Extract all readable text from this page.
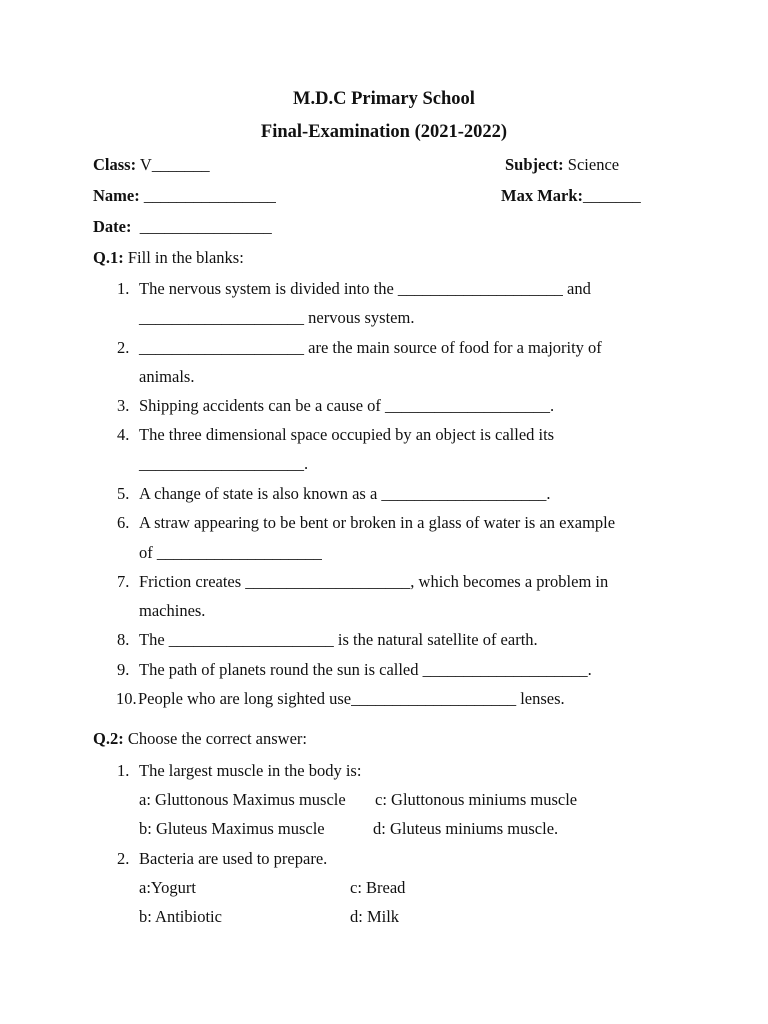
M.D.C Primary School
Final-Examination (2021-2022)
Class: V_______	Subject: Science
Name: ________________	Max Mark:_______
Date: ________________
Q.1: Fill in the blanks:
1. The nervous system is divided into the ____________________ and
____________________ nervous system.
2. ____________________ are the main source of food for a majority of
animals.
3. Shipping accidents can be a cause of ____________________.
4. The three dimensional space occupied by an object is called its
____________________.
5. A change of state is also known as a ____________________.
6. A straw appearing to be bent or broken in a glass of water is an example
of ____________________
7. Friction creates ____________________, which becomes a problem in
machines.
8. The ____________________ is the natural satellite of earth.
9. The path of planets round the sun is called ____________________.
10. People who are long sighted use____________________ lenses.
Q.2: Choose the correct answer:
1. The largest muscle in the body is:
a: Gluttonous Maximus muscle c: Gluttonous miniums muscle
b: Gluteus Maximus muscle	d: Gluteus miniums muscle.
2. Bacteria are used to prepare.
a:Yogurt	c: Bread
b: Antibiotic	d: Milk
